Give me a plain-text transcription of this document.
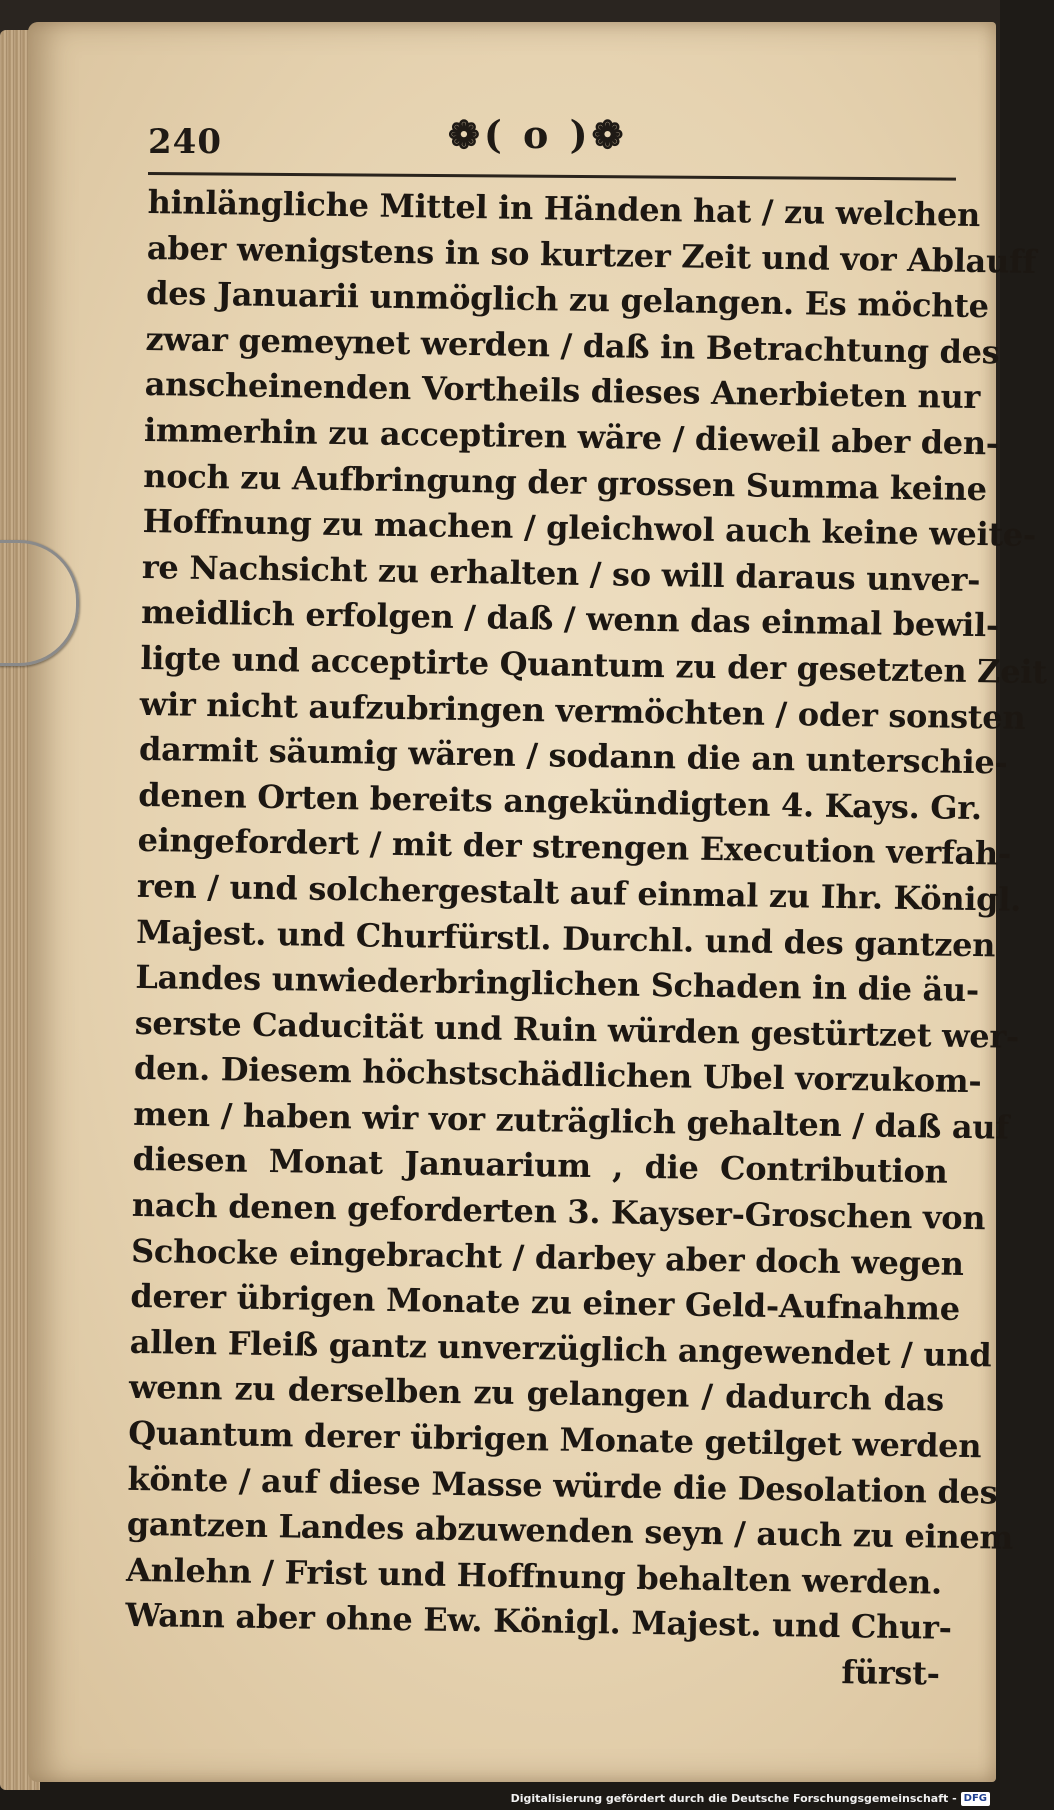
240	❁( o )❁
hinlängliche Mittel in Händen hat / zu welchen
aber wenigstens in so kurtzer Zeit und vor Ablauff
des Januarii unmöglich zu gelangen. Es möchte
zwar gemeynet werden / daß in Betrachtung des
anscheinenden Vortheils dieses Anerbieten nur
immerhin zu acceptiren wäre / dieweil aber den-
noch zu Aufbringung der grossen Summa keine
Hoffnung zu machen / gleichwol auch keine weite-
re Nachsicht zu erhalten / so will daraus unver-
meidlich erfolgen / daß / wenn das einmal bewil-
ligte und acceptirte Quantum zu der gesetzten Zeit
wir nicht aufzubringen vermöchten / oder sonsten
darmit säumig wären / sodann die an unterschie-
denen Orten bereits angekündigten 4. Kays. Gr.
eingefordert / mit der strengen Execution verfah-
ren / und solchergestalt auf einmal zu Ihr. Königl.
Majest. und Churfürstl. Durchl. und des gantzen
Landes unwiederbringlichen Schaden in die äu-
serste Caducität und Ruin würden gestürtzet wer-
den. Diesem höchstschädlichen Ubel vorzukom-
men / haben wir vor zuträglich gehalten / daß auf
diesen Monat Januarium , die Contribution
nach denen geforderten 3. Kayser-Groschen von
Schocke eingebracht / darbey aber doch wegen
derer übrigen Monate zu einer Geld-Aufnahme
allen Fleiß gantz unverzüglich angewendet / und
wenn zu derselben zu gelangen / dadurch das
Quantum derer übrigen Monate getilget werden
könte / auf diese Masse würde die Desolation des
gantzen Landes abzuwenden seyn / auch zu einem
Anlehn / Frist und Hoffnung behalten werden.
Wann aber ohne Ew. Königl. Majest. und Chur-
fürst-
Digitalisierung gefördert durch die Deutsche Forschungsgemeinschaft - DFG
